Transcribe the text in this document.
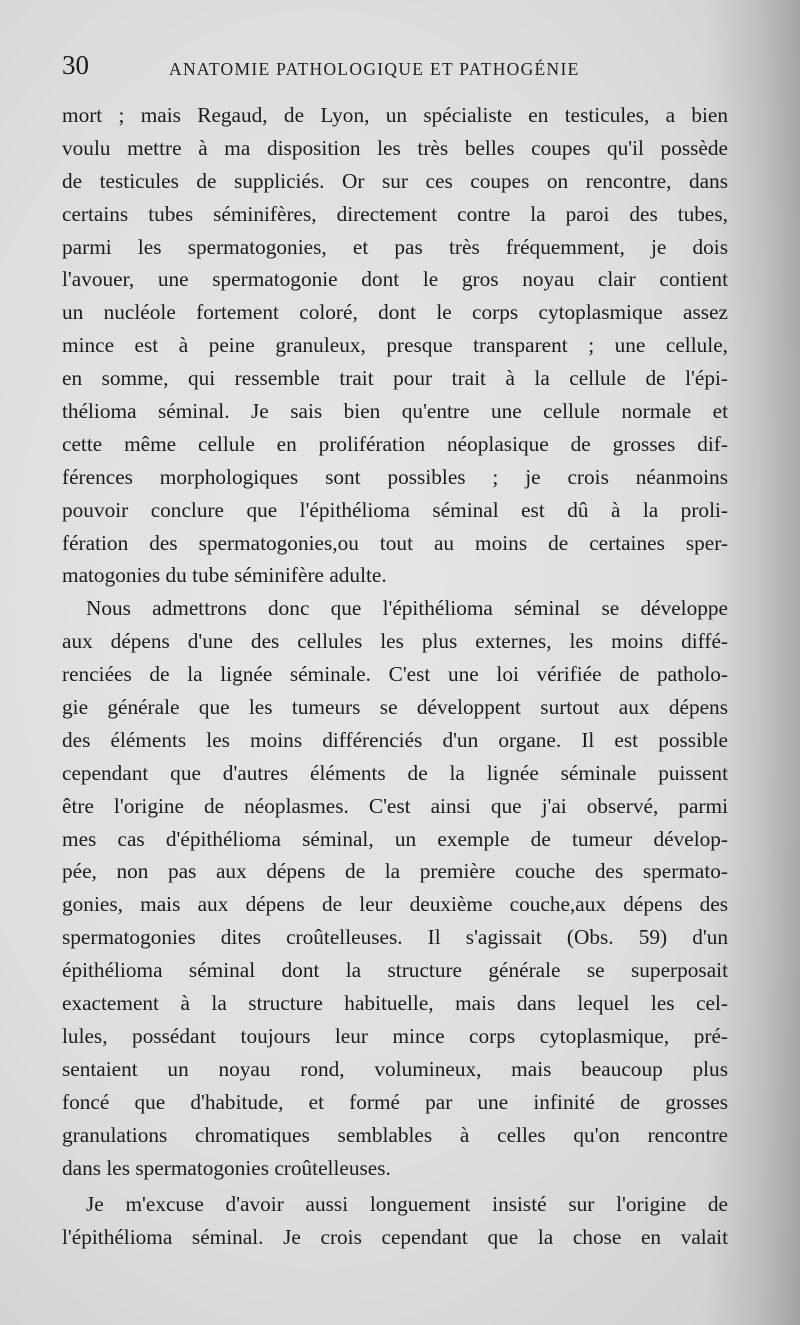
30	ANATOMIE PATHOLOGIQUE ET PATHOGÉNIE
mort ; mais Regaud, de Lyon, un spécialiste en testicules, a bien
voulu mettre à ma disposition les très belles coupes qu'il possède
de testicules de suppliciés. Or sur ces coupes on rencontre, dans
certains tubes séminifères, directement contre la paroi des tubes,
parmi les spermatogonies, et pas très fréquemment, je dois
l'avouer, une spermatogonie dont le gros noyau clair contient
un nucléole fortement coloré, dont le corps cytoplasmique assez
mince est à peine granuleux, presque transparent ; une cellule,
en somme, qui ressemble trait pour trait à la cellule de l'épi-
thélioma séminal. Je sais bien qu'entre une cellule normale et
cette même cellule en prolifération néoplasique de grosses dif-
férences morphologiques sont possibles ; je crois néanmoins
pouvoir conclure que l'épithélioma séminal est dû à la proli-
fération des spermatogonies,ou tout au moins de certaines sper-
matogonies du tube séminifère adulte.
Nous admettrons donc que l'épithélioma séminal se développe
aux dépens d'une des cellules les plus externes, les moins diffé-
renciées de la lignée séminale. C'est une loi vérifiée de patholo-
gie générale que les tumeurs se développent surtout aux dépens
des éléments les moins différenciés d'un organe. Il est possible
cependant que d'autres éléments de la lignée séminale puissent
être l'origine de néoplasmes. C'est ainsi que j'ai observé, parmi
mes cas d'épithélioma séminal, un exemple de tumeur dévelop-
pée, non pas aux dépens de la première couche des spermato-
gonies, mais aux dépens de leur deuxième couche,aux dépens des
spermatogonies dites croûtelleuses. Il s'agissait (Obs. 59) d'un
épithélioma séminal dont la structure générale se superposait
exactement à la structure habituelle, mais dans lequel les cel-
lules, possédant toujours leur mince corps cytoplasmique, pré-
sentaient un noyau rond, volumineux, mais beaucoup plus
foncé que d'habitude, et formé par une infinité de grosses
granulations chromatiques semblables à celles qu'on rencontre
dans les spermatogonies croûtelleuses.
Je m'excuse d'avoir aussi longuement insisté sur l'origine de
l'épithélioma séminal. Je crois cependant que la chose en valait
